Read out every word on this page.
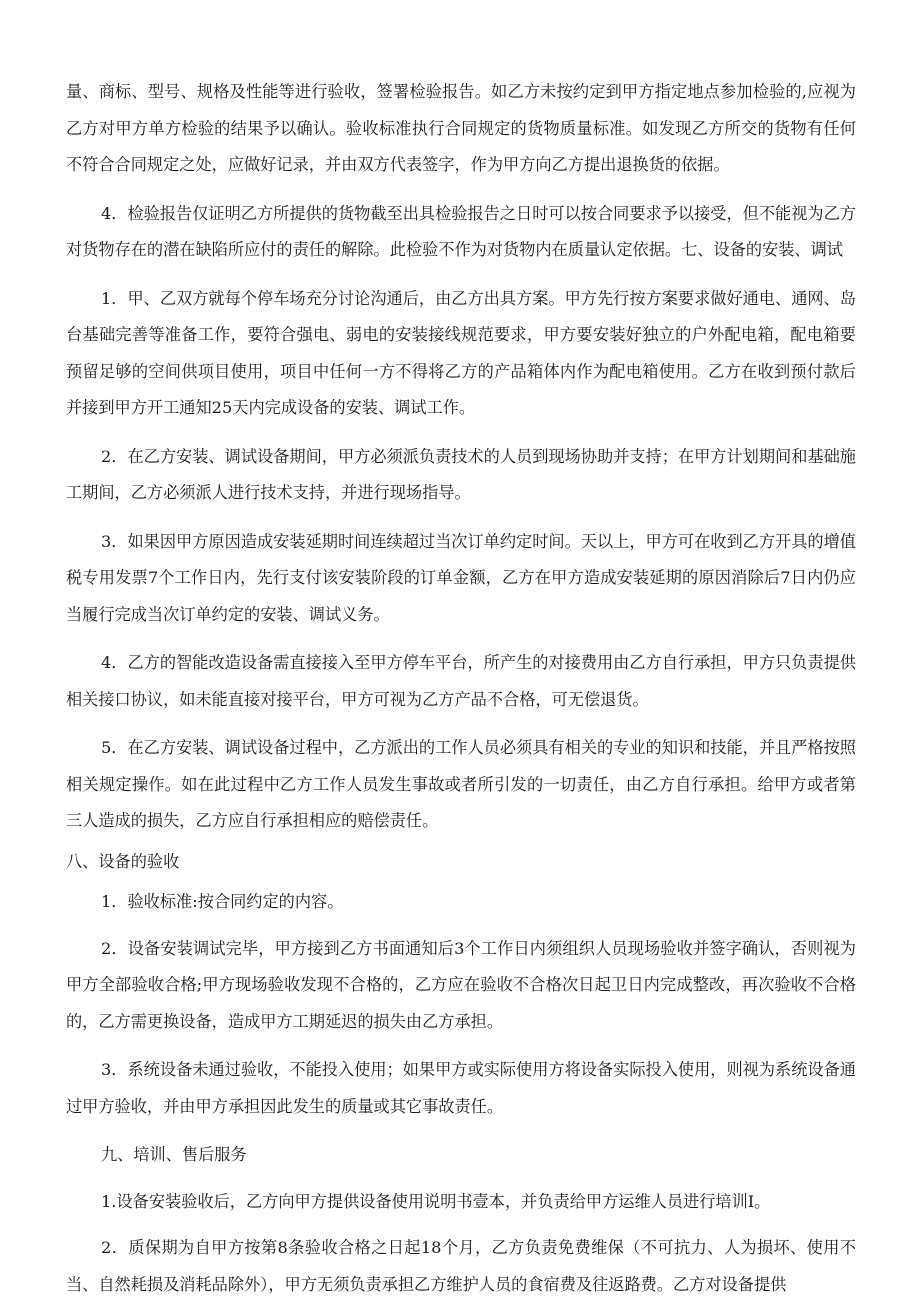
量、商标、型号、规格及性能等进行验收，签署检验报告。如乙方未按约定到甲方指定地点参加检验的,应视为乙方对甲方单方检验的结果予以确认。验收标准执行合同规定的货物质量标准。如发现乙方所交的货物有任何不符合合同规定之处，应做好记录，并由双方代表签字，作为甲方向乙方提出退换货的依据。

4．检验报告仅证明乙方所提供的货物截至出具检验报告之日时可以按合同要求予以接受，但不能视为乙方对货物存在的潜在缺陷所应付的责任的解除。此检验不作为对货物内在质量认定依据。七、设备的安装、调试

1．甲、乙双方就每个停车场充分讨论沟通后，由乙方出具方案。甲方先行按方案要求做好通电、通网、岛台基础完善等准备工作，要符合强电、弱电的安装接线规范要求，甲方要安装好独立的户外配电箱，配电箱要预留足够的空间供项目使用，项目中任何一方不得将乙方的产品箱体内作为配电箱使用。乙方在收到预付款后并接到甲方开工通知25天内完成设备的安装、调试工作。

2．在乙方安装、调试设备期间，甲方必须派负责技术的人员到现场协助并支持；在甲方计划期间和基础施工期间，乙方必须派人进行技术支持，并进行现场指导。

3．如果因甲方原因造成安装延期时间连续超过当次订单约定时间。天以上，甲方可在收到乙方开具的增值税专用发票7个工作日内，先行支付该安装阶段的订单金额，乙方在甲方造成安装延期的原因消除后7日内仍应当履行完成当次订单约定的安装、调试义务。

4．乙方的智能改造设备需直接接入至甲方停车平台，所产生的对接费用由乙方自行承担，甲方只负责提供相关接口协议，如未能直接对接平台，甲方可视为乙方产品不合格，可无偿退货。

5．在乙方安装、调试设备过程中，乙方派出的工作人员必须具有相关的专业的知识和技能，并且严格按照相关规定操作。如在此过程中乙方工作人员发生事故或者所引发的一切责任，由乙方自行承担。给甲方或者第三人造成的损失，乙方应自行承担相应的赔偿责任。

八、设备的验收

1．验收标准:按合同约定的内容。

2．设备安装调试完毕，甲方接到乙方书面通知后3个工作日内须组织人员现场验收并签字确认，否则视为甲方全部验收合格;甲方现场验收发现不合格的，乙方应在验收不合格次日起卫日内完成整改，再次验收不合格的，乙方需更换设备，造成甲方工期延迟的损失由乙方承担。

3．系统设备未通过验收，不能投入使用；如果甲方或实际使用方将设备实际投入使用，则视为系统设备通过甲方验收，并由甲方承担因此发生的质量或其它事故责任。

九、培训、售后服务

1.设备安装验收后，乙方向甲方提供设备使用说明书壹本，并负责给甲方运维人员进行培训I。

2．质保期为自甲方按第8条验收合格之日起18个月，乙方负责免费维保（不可抗力、人为损坏、使用不当、自然耗损及消耗品除外），甲方无须负责承担乙方维护人员的食宿费及往返路费。乙方对设备提供
